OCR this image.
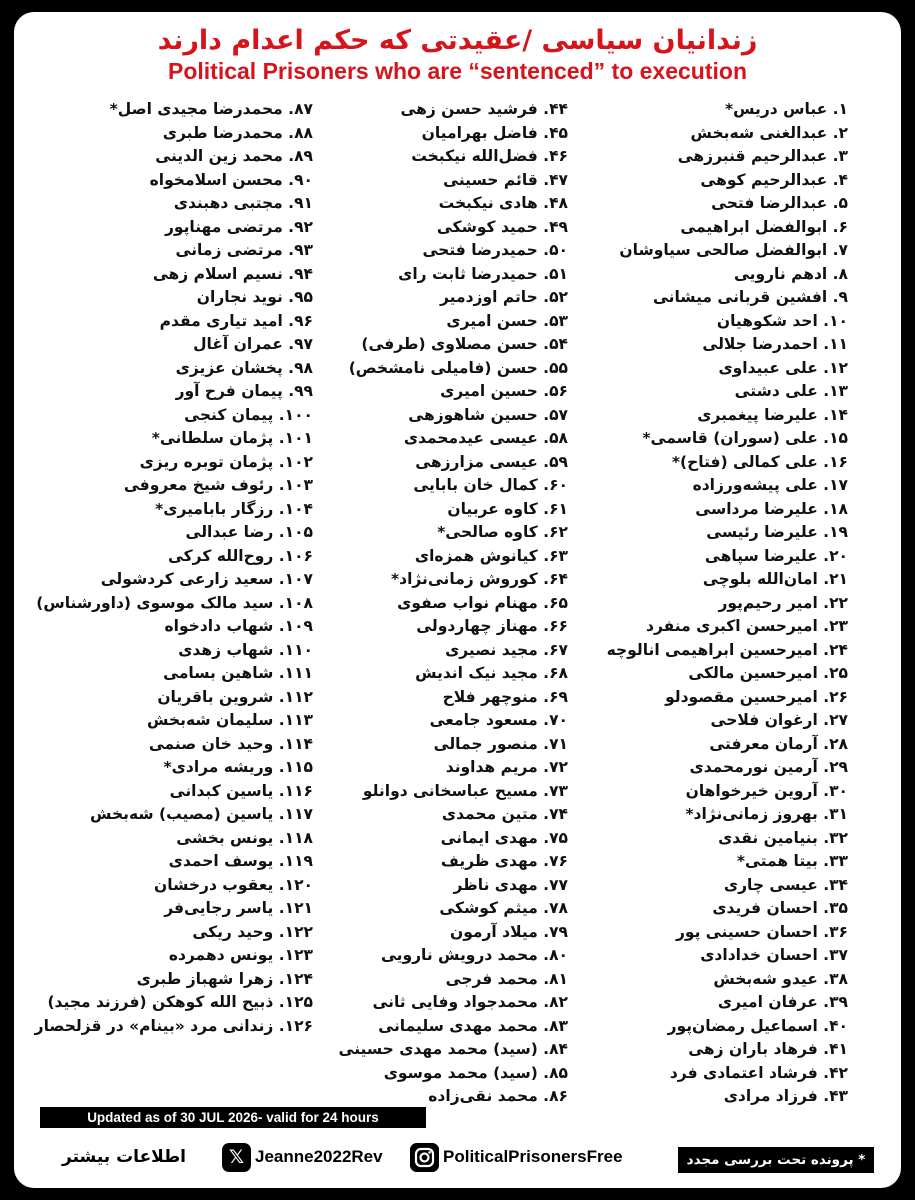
زندانیان سیاسی /عقیدتی که حکم اعدام دارند
Political Prisoners who are “sentenced” to execution
۱. عباس دریس*
۲. عبدالغنی شه‌بخش
۳. عبدالرحیم قنبرزهی
۴. عبدالرحیم کوهی
۵. عبدالرضا فتحی
۶. ابوالفضل ابراهیمی
۷. ابوالفضل صالحی سیاوشان
۸. ادهم نارویی
۹. افشین قربانی میشانی
۱۰. احد شکوهیان
۱۱. احمدرضا جلالی
۱۲. علی عبیداوی
۱۳. علی دشتی
۱۴. علیرضا پیغمبری
۱۵. علی (سوران) قاسمی*
۱۶. علی کمالی (فتاح)*
۱۷. علی پیشه‌ورزاده
۱۸. علیرضا مرداسی
۱۹. علیرضا رئیسی
۲۰. علیرضا سپاهی
۲۱. امان‌الله بلوچی
۲۲. امیر رحیم‌پور
۲۳. امیرحسن اکبری منفرد
۲۴. امیرحسین ابراهیمی انالوچه
۲۵. امیرحسین مالکی
۲۶. امیرحسین مقصودلو
۲۷. ارغوان فلاحی
۲۸. آرمان معرفتی
۲۹. آرمین نورمحمدی
۳۰. آروین خیرخواهان
۳۱. بهروز زمانی‌نژاد*
۳۲. بنیامین نقدی
۳۳. بیتا همتی*
۳۴. عیسی چاری
۳۵. احسان فریدی
۳۶. احسان حسینی پور
۳۷. احسان خدادادی
۳۸. عیدو شه‌بخش
۳۹. عرفان امیری
۴۰. اسماعیل رمضان‌پور
۴۱. فرهاد باران زهی
۴۲. فرشاد اعتمادی فرد
۴۳. فرزاد مرادی
۴۴. فرشید حسن زهی
۴۵. فاضل بهرامیان
۴۶. فضل‌الله نیکبخت
۴۷. قائم حسینی
۴۸. هادی نیکبخت
۴۹. حمید کوشکی
۵۰. حمیدرضا فتحی
۵۱. حمیدرضا ثابت رای
۵۲. حاتم اوزدمیر
۵۳. حسن امیری
۵۴. حسن مصلاوی (طرفی)
۵۵. حسن (فامیلی نامشخص)
۵۶. حسین امیری
۵۷. حسین شاهوزهی
۵۸. عیسی عیدمحمدی
۵۹. عیسی مزارزهی
۶۰. کمال خان بابایی
۶۱. کاوه عربیان
۶۲. کاوه صالحی*
۶۳. کیانوش همزه‌ای
۶۴. کوروش زمانی‌نژاد*
۶۵. مهنام نواب صفوی
۶۶. مهناز چهاردولی
۶۷. مجید نصیری
۶۸. مجید نیک اندیش
۶۹. منوچهر فلاح
۷۰. مسعود جامعی
۷۱. منصور جمالی
۷۲. مریم هداوند
۷۳. مسیح عباسخانی دوانلو
۷۴. متین محمدی
۷۵. مهدی ایمانی
۷۶. مهدی ظریف
۷۷. مهدی ناظر
۷۸. میثم کوشکی
۷۹. میلاد آرمون
۸۰. محمد درویش نارویی
۸۱. محمد فرجی
۸۲. محمدجواد وفایی ثانی
۸۳. محمد مهدی سلیمانی
۸۴. (سید) محمد مهدی حسینی
۸۵. (سید) محمد موسوی
۸۶. محمد نقی‌زاده
۸۷. محمدرضا مجیدی اصل*
۸۸. محمدرضا طبری
۸۹. محمد زین الدینی
۹۰. محسن اسلامخواه
۹۱. مجتبی دهبندی
۹۲. مرتضی مهناپور
۹۳. مرتضی زمانی
۹۴. نسیم اسلام زهی
۹۵. نوید نجاران
۹۶. امید تیاری مقدم
۹۷. عمران آغال
۹۸. پخشان عزیزی
۹۹. پیمان فرح آور
۱۰۰. پیمان کنجی
۱۰۱. پژمان سلطانی*
۱۰۲. پژمان توبره ریزی
۱۰۳. رئوف شیخ معروفی
۱۰۴. رزگار باباميری*
۱۰۵. رضا عبدالی
۱۰۶. روح‌الله کرکی
۱۰۷. سعید زارعی کردشولی
۱۰۸. سید مالک موسوی (داورشناس)
۱۰۹. شهاب دادخواه
۱۱۰. شهاب زهدی
۱۱۱. شاهین بسامی
۱۱۲. شروین باقریان
۱۱۳. سلیمان شه‌بخش
۱۱۴. وحید خان صنمی
۱۱۵. وریشه مرادی*
۱۱۶. یاسین کبدانی
۱۱۷. یاسین (مصیب) شه‌بخش
۱۱۸. یونس بخشی
۱۱۹. یوسف احمدی
۱۲۰. یعقوب درخشان
۱۲۱. یاسر رجایی‌فر
۱۲۲. وحید ریکی
۱۲۳. یونس دهمرده
۱۲۴. زهرا شهباز طبری
۱۲۵. ذبیح الله کوهکن (فرزند مجید)
۱۲۶. زندانی مرد «بینام» در قزلحصار
Updated as of 30 JUL 2026- valid for 24 hours
اطلاعات بیشتر	𝕏 Jeanne2022Rev	PoliticalPrisonersFree	* پرونده تحت بررسی مجدد
